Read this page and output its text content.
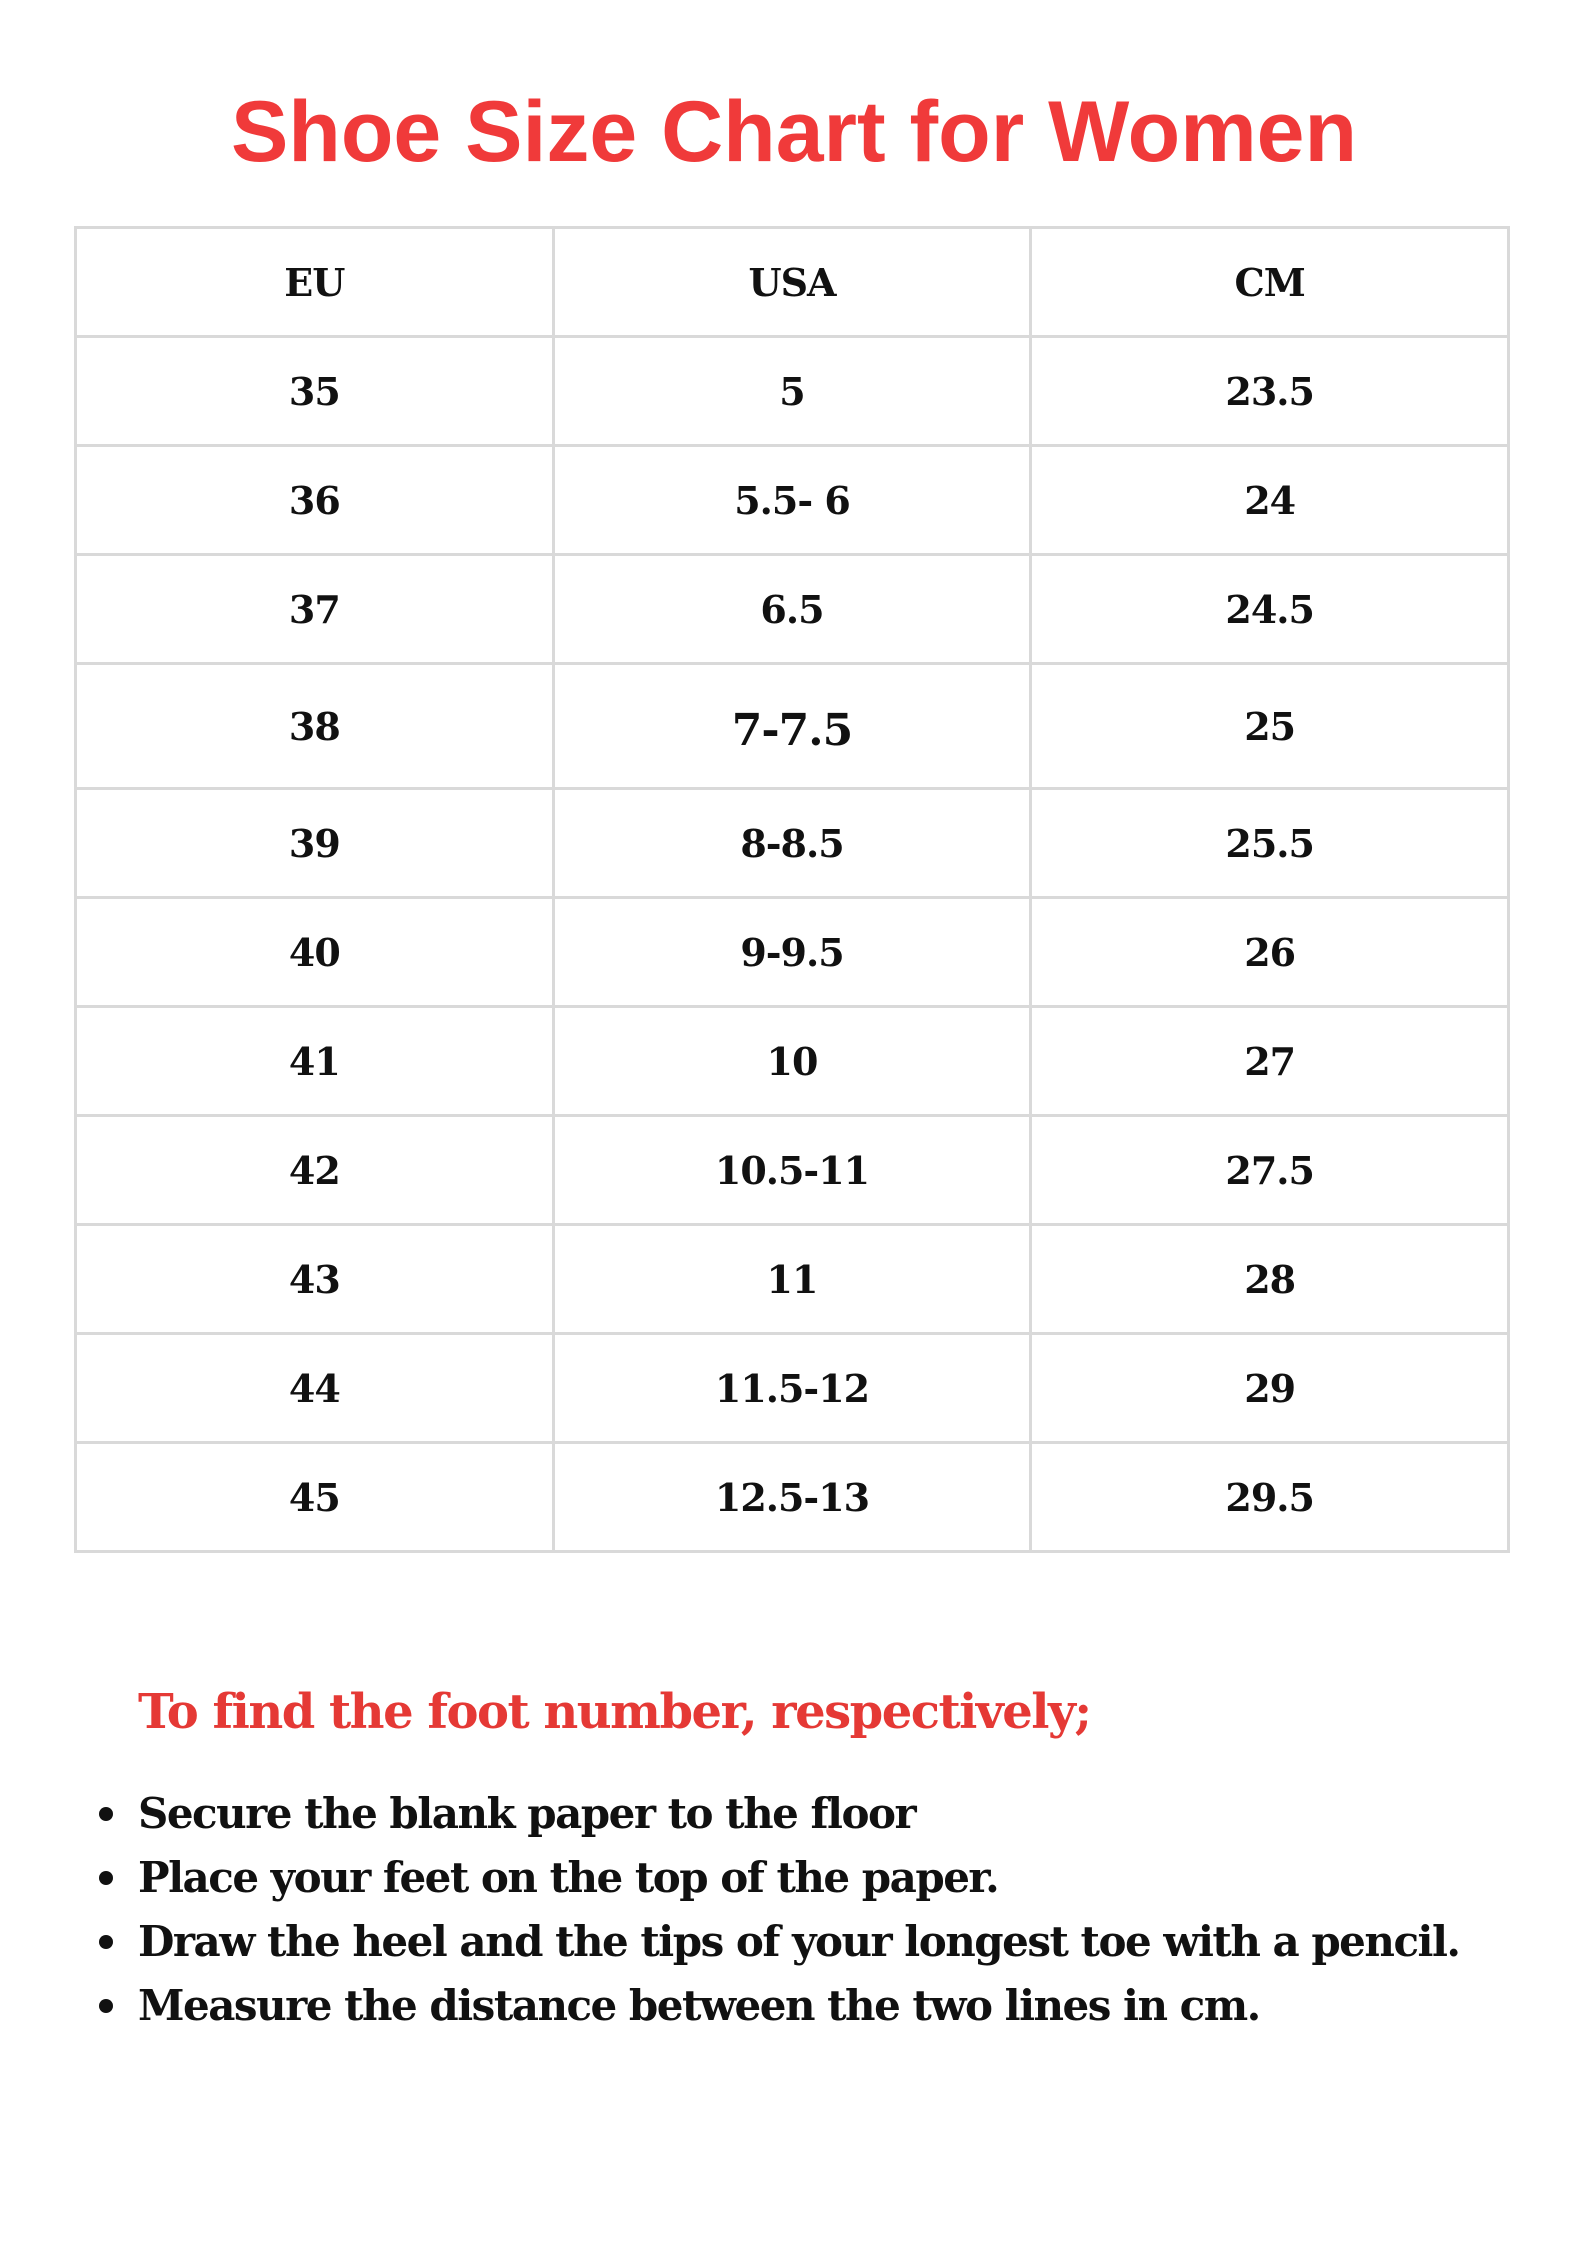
Shoe Size Chart for Women
EU	USA	CM
35	5	23.5
36	5.5- 6	24
37	6.5	24.5
38	7-7.5	25
39	8-8.5	25.5
40	9-9.5	26
41	10	27
42	10.5-11	27.5
43	11	28
44	11.5-12	29
45	12.5-13	29.5
To find the foot number, respectively;
Secure the blank paper to the floor
Place your feet on the top of the paper.
Draw the heel and the tips of your longest toe with a pencil.
Measure the distance between the two lines in cm.
